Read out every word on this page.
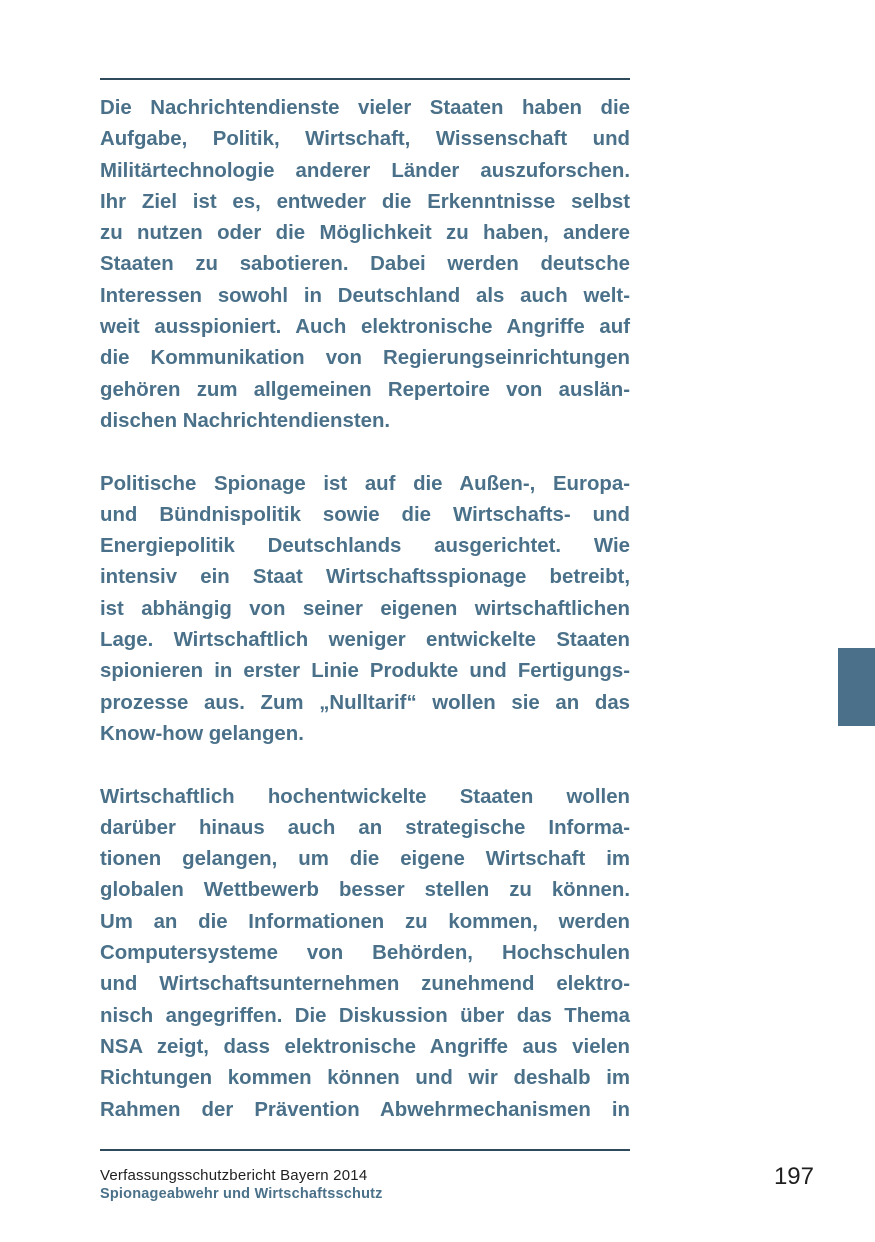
Die Nachrichtendienste vieler Staaten haben die
Aufgabe, Politik, Wirtschaft, Wissenschaft und
Militärtechnologie anderer Länder auszuforschen.
Ihr Ziel ist es, entweder die Erkenntnisse selbst
zu nutzen oder die Möglichkeit zu haben, andere
Staaten zu sabotieren. Dabei werden deutsche
Interessen sowohl in Deutschland als auch welt-
weit ausspioniert. Auch elektronische Angriffe auf
die Kommunikation von Regierungseinrichtungen
gehören zum allgemeinen Repertoire von auslän-
dischen Nachrichtendiensten.

Politische Spionage ist auf die Außen-, Europa-
und Bündnispolitik sowie die Wirtschafts- und
Energiepolitik Deutschlands ausgerichtet. Wie
intensiv ein Staat Wirtschaftsspionage betreibt,
ist abhängig von seiner eigenen wirtschaftlichen
Lage. Wirtschaftlich weniger entwickelte Staaten
spionieren in erster Linie Produkte und Fertigungs-
prozesse aus. Zum „Nulltarif“ wollen sie an das
Know-how gelangen.

Wirtschaftlich hochentwickelte Staaten wollen
darüber hinaus auch an strategische Informa-
tionen gelangen, um die eigene Wirtschaft im
globalen Wettbewerb besser stellen zu können.
Um an die Informationen zu kommen, werden
Computersysteme von Behörden, Hochschulen
und Wirtschaftsunternehmen zunehmend elektro-
nisch angegriffen. Die Diskussion über das Thema
NSA zeigt, dass elektronische Angriffe aus vielen
Richtungen kommen können und wir deshalb im
Rahmen der Prävention Abwehrmechanismen in

Verfassungsschutzbericht Bayern 2014
Spionageabwehr und Wirtschaftsschutz
197
